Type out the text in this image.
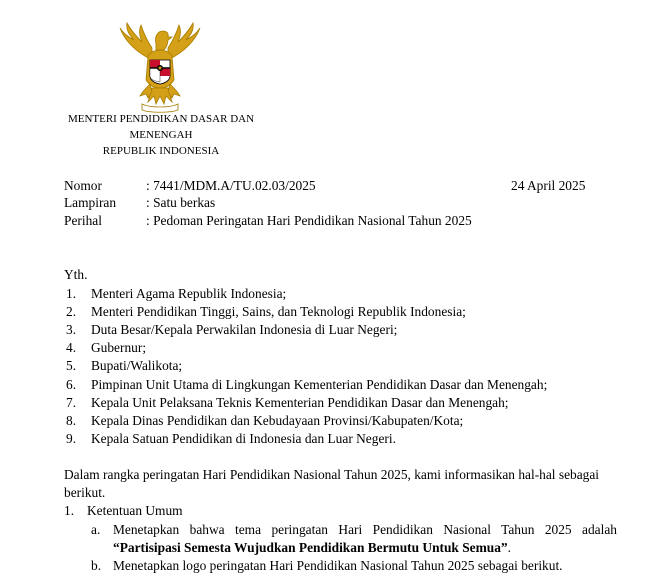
MENTERI PENDIDIKAN DASAR DAN
MENENGAH
REPUBLIK INDONESIA
Nomor	: 7441/MDM.A/TU.02.03/2025	24 April 2025
Lampiran : Satu berkas
Perihal	: Pedoman Peringatan Hari Pendidikan Nasional Tahun 2025
Yth.
1. Menteri Agama Republik Indonesia;
2. Menteri Pendidikan Tinggi, Sains, dan Teknologi Republik Indonesia;
3. Duta Besar/Kepala Perwakilan Indonesia di Luar Negeri;
4. Gubernur;
5. Bupati/Walikota;
6. Pimpinan Unit Utama di Lingkungan Kementerian Pendidikan Dasar dan Menengah;
7. Kepala Unit Pelaksana Teknis Kementerian Pendidikan Dasar dan Menengah;
8. Kepala Dinas Pendidikan dan Kebudayaan Provinsi/Kabupaten/Kota;
9. Kepala Satuan Pendidikan di Indonesia dan Luar Negeri.
Dalam rangka peringatan Hari Pendidikan Nasional Tahun 2025, kami informasikan hal-hal sebagai
berikut.
1. Ketentuan Umum
a. Menetapkan bahwa tema peringatan Hari Pendidikan Nasional Tahun 2025 adalah
“Partisipasi Semesta Wujudkan Pendidikan Bermutu Untuk Semua”.
b. Menetapkan logo peringatan Hari Pendidikan Nasional Tahun 2025 sebagai berikut.
